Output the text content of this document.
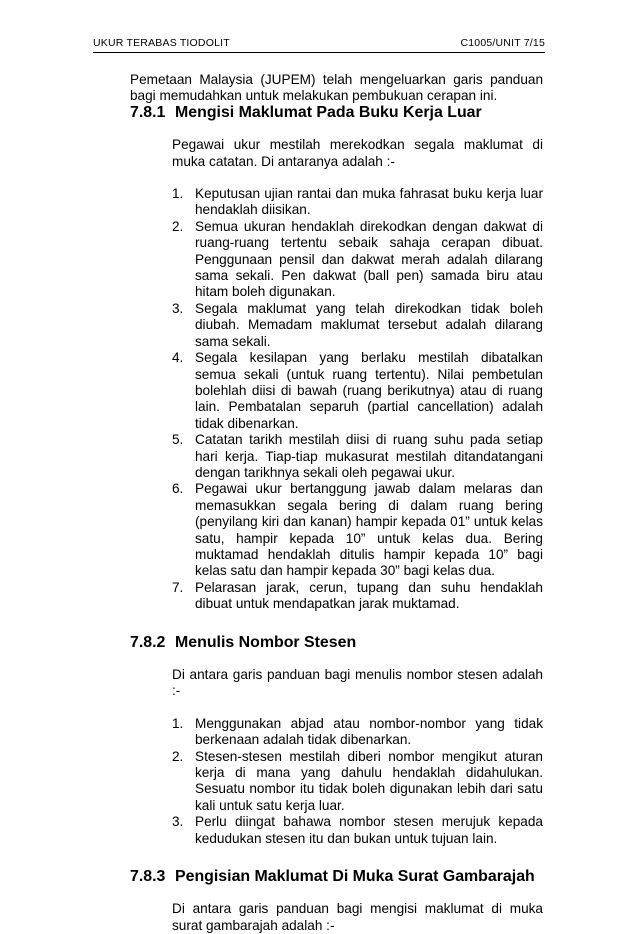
UKUR TERABAS TIODOLIT	C1005/UNIT 7/15

Pemetaan Malaysia (JUPEM) telah mengeluarkan garis panduan bagi memudahkan untuk melakukan pembukuan cerapan ini.

7.8.1 Mengisi Maklumat Pada Buku Kerja Luar

Pegawai ukur mestilah merekodkan segala maklumat di muka catatan. Di antaranya adalah :-

1. Keputusan ujian rantai dan muka fahrasat buku kerja luar hendaklah diisikan.
2. Semua ukuran hendaklah direkodkan dengan dakwat di ruang-ruang tertentu sebaik sahaja cerapan dibuat. Penggunaan pensil dan dakwat merah adalah dilarang sama sekali. Pen dakwat (ball pen) samada biru atau hitam boleh digunakan.
3. Segala maklumat yang telah direkodkan tidak boleh diubah. Memadam maklumat tersebut adalah dilarang sama sekali.
4. Segala kesilapan yang berlaku mestilah dibatalkan semua sekali (untuk ruang tertentu). Nilai pembetulan bolehlah diisi di bawah (ruang berikutnya) atau di ruang lain. Pembatalan separuh (partial cancellation) adalah tidak dibenarkan.
5. Catatan tarikh mestilah diisi di ruang suhu pada setiap hari kerja. Tiap-tiap mukasurat mestilah ditandatangani dengan tarikhnya sekali oleh pegawai ukur.
6. Pegawai ukur bertanggung jawab dalam melaras dan memasukkan segala bering di dalam ruang bering (penyilang kiri dan kanan) hampir kepada 01” untuk kelas satu, hampir kepada 10” untuk kelas dua. Bering muktamad hendaklah ditulis hampir kepada 10” bagi kelas satu dan hampir kepada 30” bagi kelas dua.
7. Pelarasan jarak, cerun, tupang dan suhu hendaklah dibuat untuk mendapatkan jarak muktamad.
7.8.2 Menulis Nombor Stesen

Di antara garis panduan bagi menulis nombor stesen adalah :-

1. Menggunakan abjad atau nombor-nombor yang tidak berkenaan adalah tidak dibenarkan.
2. Stesen-stesen mestilah diberi nombor mengikut aturan kerja di mana yang dahulu hendaklah didahulukan. Sesuatu nombor itu tidak boleh digunakan lebih dari satu kali untuk satu kerja luar.
3. Perlu diingat bahawa nombor stesen merujuk kepada kedudukan stesen itu dan bukan untuk tujuan lain.
7.8.3 Pengisian Maklumat Di Muka Surat Gambarajah

Di antara garis panduan bagi mengisi maklumat di muka surat gambarajah adalah :-
